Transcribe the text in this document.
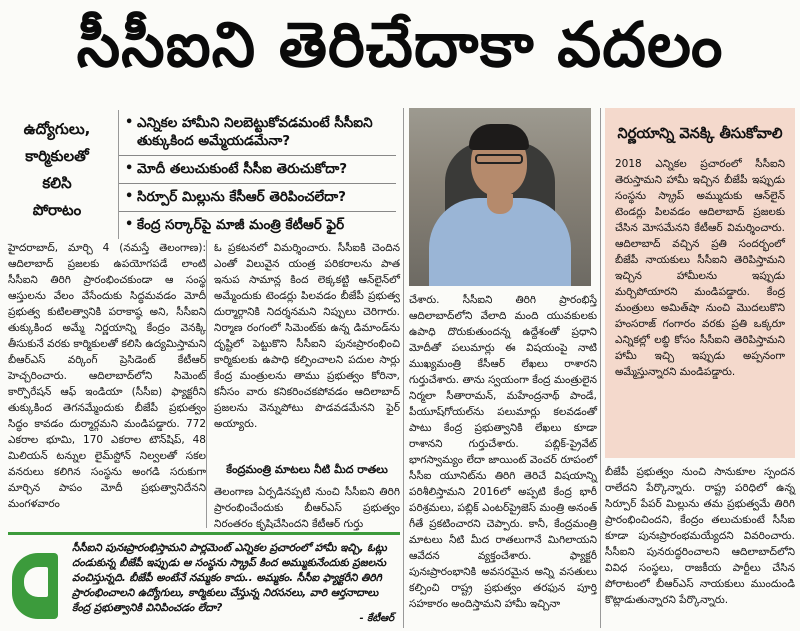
సీసీఐని తెరిచేదాకా వదలం
ఉద్యోగులు,
కార్మికులతో
కలిసి
పోరాటం
• ఎన్నికల హామీని నిలబెట్టుకోవడమంటే సీసీఐని తుక్కుకింద అమ్మేయడమేనా?
• మోదీ తలుచుకుంటే సీసీఐ తెరుచుకోదా?
• సిర్పూర్ మిల్లును కేసీఆర్ తెరిపించలేదా?
• కేంద్ర సర్కార్‌పై మాజీ మంత్రి కేటీఆర్ ఫైర్
నిర్ణయాన్ని వెనక్కి తీసుకోవాలి
2018 ఎన్నికల ప్రచారంలో సీసీఐని తెరుస్తామని హామీ ఇచ్చిన బీజేపీ ఇప్పుడు సంస్థను స్క్రాప్ అమ్ముదుకు ఆన్‌లైన్ టెండర్లు పిలవడం ఆదిలాబాద్ ప్రజలకు చేసిన మోసమేనని కేటీఆర్ విమర్శించారు. ఆదిలాబాద్ వచ్చిన ప్రతి సందర్భంలో బీజేపీ నాయకులు సీసీఐని తెరిపిస్తామని ఇచ్చిన హామీలను ఇప్పుడు మర్చిపోయారని మండిపడ్డారు. కేంద్ర మంత్రులు అమిత్‌షా నుంచి మొదలుకొని హంసరాజ్ గంగారం వరకు ప్రతి ఒక్కరూ ఎన్నికల్లో లబ్ధి కోసం సీసీఐని తెరిపిస్తామని హామీ ఇచ్చి ఇప్పుడు అప్పనంగా అమ్మేస్తున్నారని మండిపడ్డారు.
హైదరాబాద్, మార్చి 4 (నమస్తే తెలంగాణ): ఆదిలాబాద్ ప్రజలకు ఉపయోగపడే లాంటి సీసీఐని తిరిగి ప్రారంభించకుండా ఆ సంస్థ ఆస్తులను వేలం వేసేందుకు సిద్ధమవడం మోదీ ప్రభుత్వ కుటిలత్వానికి పరాకాష్ఠ అని, సీసీఐని తుక్కుకింద అమ్మే నిర్ణయాన్ని కేంద్రం వెనక్కి తీసుకునే వరకు కార్మికులతో కలిసి ఉద్యమిస్తామని బీఆర్‌ఎస్ వర్కింగ్ ప్రెసిడెంట్ కేటీఆర్ హెచ్చరించారు. ఆదిలాబాద్‌లోని సిమెంట్ కార్పొరేషన్ ఆఫ్ ఇండియా (సీసీఐ) ఫ్యాక్టరీని తుక్కుకింద తెగనమ్మేందుకు బీజేపీ ప్రభుత్వం సిద్ధం కావడం దుర్మార్గమని మండిపడ్డారు. 772 ఎకరాల భూమి, 170 ఎకరాల టౌన్‌షిప్, 48 మిలియన్ టన్నుల లైమ్‌స్టోన్ నిల్వలతో సకల వనరులు కలిగిన సంస్థను అంగడి సరుకుగా మార్చిన పాపం మోదీ ప్రభుత్వానిదేనని మంగళవారం
ఓ ప్రకటనలో విమర్శించారు. సీసీఐకి చెందిన ఎంతో విలువైన యంత్ర పరికరాలను పాత ఇనుప సామాన్ల కింద లెక్కకట్టి ఆన్‌లైన్‌లో అమ్మేందుకు టెండర్లు పిలవడం బీజేపీ ప్రభుత్వ దుర్మార్గానికి నిదర్శనమని నిప్పులు చెరిగారు. నిర్మాణ రంగంలో సిమెంట్‌కు ఉన్న డిమాండ్‌ను దృష్టిలో పెట్టుకొని సీసీఐని పునఃప్రారంభించి కార్మికులకు ఉపాధి కల్పించాలని పదుల సార్లు కేంద్ర మంత్రులను తాము ప్రభుత్వం కోరినా, కనీసం వారు కనికరించకపోవడం ఆదిలాబాద్ ప్రజలను వెన్నుపోటు పొడవడమేనని ఫైర్ అయ్యారు.
కేంద్రమంత్రి మాటలు నీటి మీద రాతలు
తెలంగాణ ఏర్పడినప్పటి నుంచి సీసీఐని తిరిగి ప్రారంభించేందుకు బీఆర్‌ఎస్ ప్రభుత్వం నిరంతరం కృషిచేసిందని కేటీఆర్ గుర్తు
చేశారు. సీసీఐని తిరిగి ప్రారంభిస్తే ఆదిలాబాద్‌లోని వేలాది మంది యువకులకు ఉపాధి దొరుకుతుందన్న ఉద్దేశంతో ప్రధాని మోదీతో పలుమార్లు ఈ విషయంపై నాటి ముఖ్యమంత్రి కేసీఆర్ లేఖలు రాశారని గుర్తుచేశారు. తాను స్వయంగా కేంద్ర మంత్రులైన నిర్మలా సీతారామన్, మహేంద్రనాథ్ పాండే, పీయూష్‌గోయల్‌ను పలుమార్లు కలవడంతో పాటు కేంద్ర ప్రభుత్వానికి లేఖలు కూడా రాశానని గుర్తుచేశారు. పబ్లిక్-ప్రైవేట్ భాగస్వామ్యం లేదా జాయింట్ వెంచర్ రూపంలో సీసీఐ యూనిట్‌ను తిరిగి తెరిచే విషయాన్ని పరిశీలిస్తామని 2016లో అప్పటి కేంద్ర భారీ పరిశ్రమలు, పబ్లిక్ ఎంటర్‌ప్రైజెస్ మంత్రి అనంత్ గీతే ప్రకటించారని చెప్పారు. కానీ, కేంద్రమంత్రి మాటలు నీటి మీద రాతలుగానే మిగిలాయని ఆవేదన వ్యక్తంచేశారు. ఫ్యాక్టరీ పునఃప్రారంభానికి అవసరమైన అన్ని వసతులు కల్పించి రాష్ట్ర ప్రభుత్వం తరఫున పూర్తి సహకారం అందిస్తామని హామీ ఇచ్చినా
బీజేపీ ప్రభుత్వం నుంచి సానుకూల స్పందన రాలేదని పేర్కొన్నారు. రాష్ట్ర పరిధిలో ఉన్న సిర్పూర్ పేపర్ మిల్లును తమ ప్రభుత్వమే తిరిగి ప్రారంభించిందని, కేంద్రం తలుచుకుంటే సీసీఐ కూడా పునఃప్రారంభమయ్యేదని వివరించారు. సీసీఐని పునరుద్ధరించాలని ఆదిలాబాద్‌లోని వివిధ సంస్థలు, రాజకీయ పార్టీలు చేసిన పోరాటంలో బీఆర్‌ఎస్ నాయకులు ముందుండి కొట్లాడుతున్నారని పేర్కొన్నారు.
సీసీఐని పునఃప్రారంభిస్తామని పార్లమెంట్ ఎన్నికల ప్రచారంలో హామీ ఇచ్చి, ఓట్లు దండుకున్న బీజేపీ ఇప్పుడు ఆ సంస్థను స్క్రాప్ కింద అమ్ముకునేందుకు ప్రజలను వంచిస్తున్నది. బీజేపీ అంటేనే నమ్మకం కాదు.. అమ్మకం. సీసీఐ ఫ్యాక్టరీని తిరిగి ప్రారంభించాలని ఉద్యోగులు, కార్మికులు చేస్తున్న నిరసనలు, వారి ఆర్తనాదాలు కేంద్ర ప్రభుత్వానికి వినిపించడం లేదా?
- కేటీఆర్
